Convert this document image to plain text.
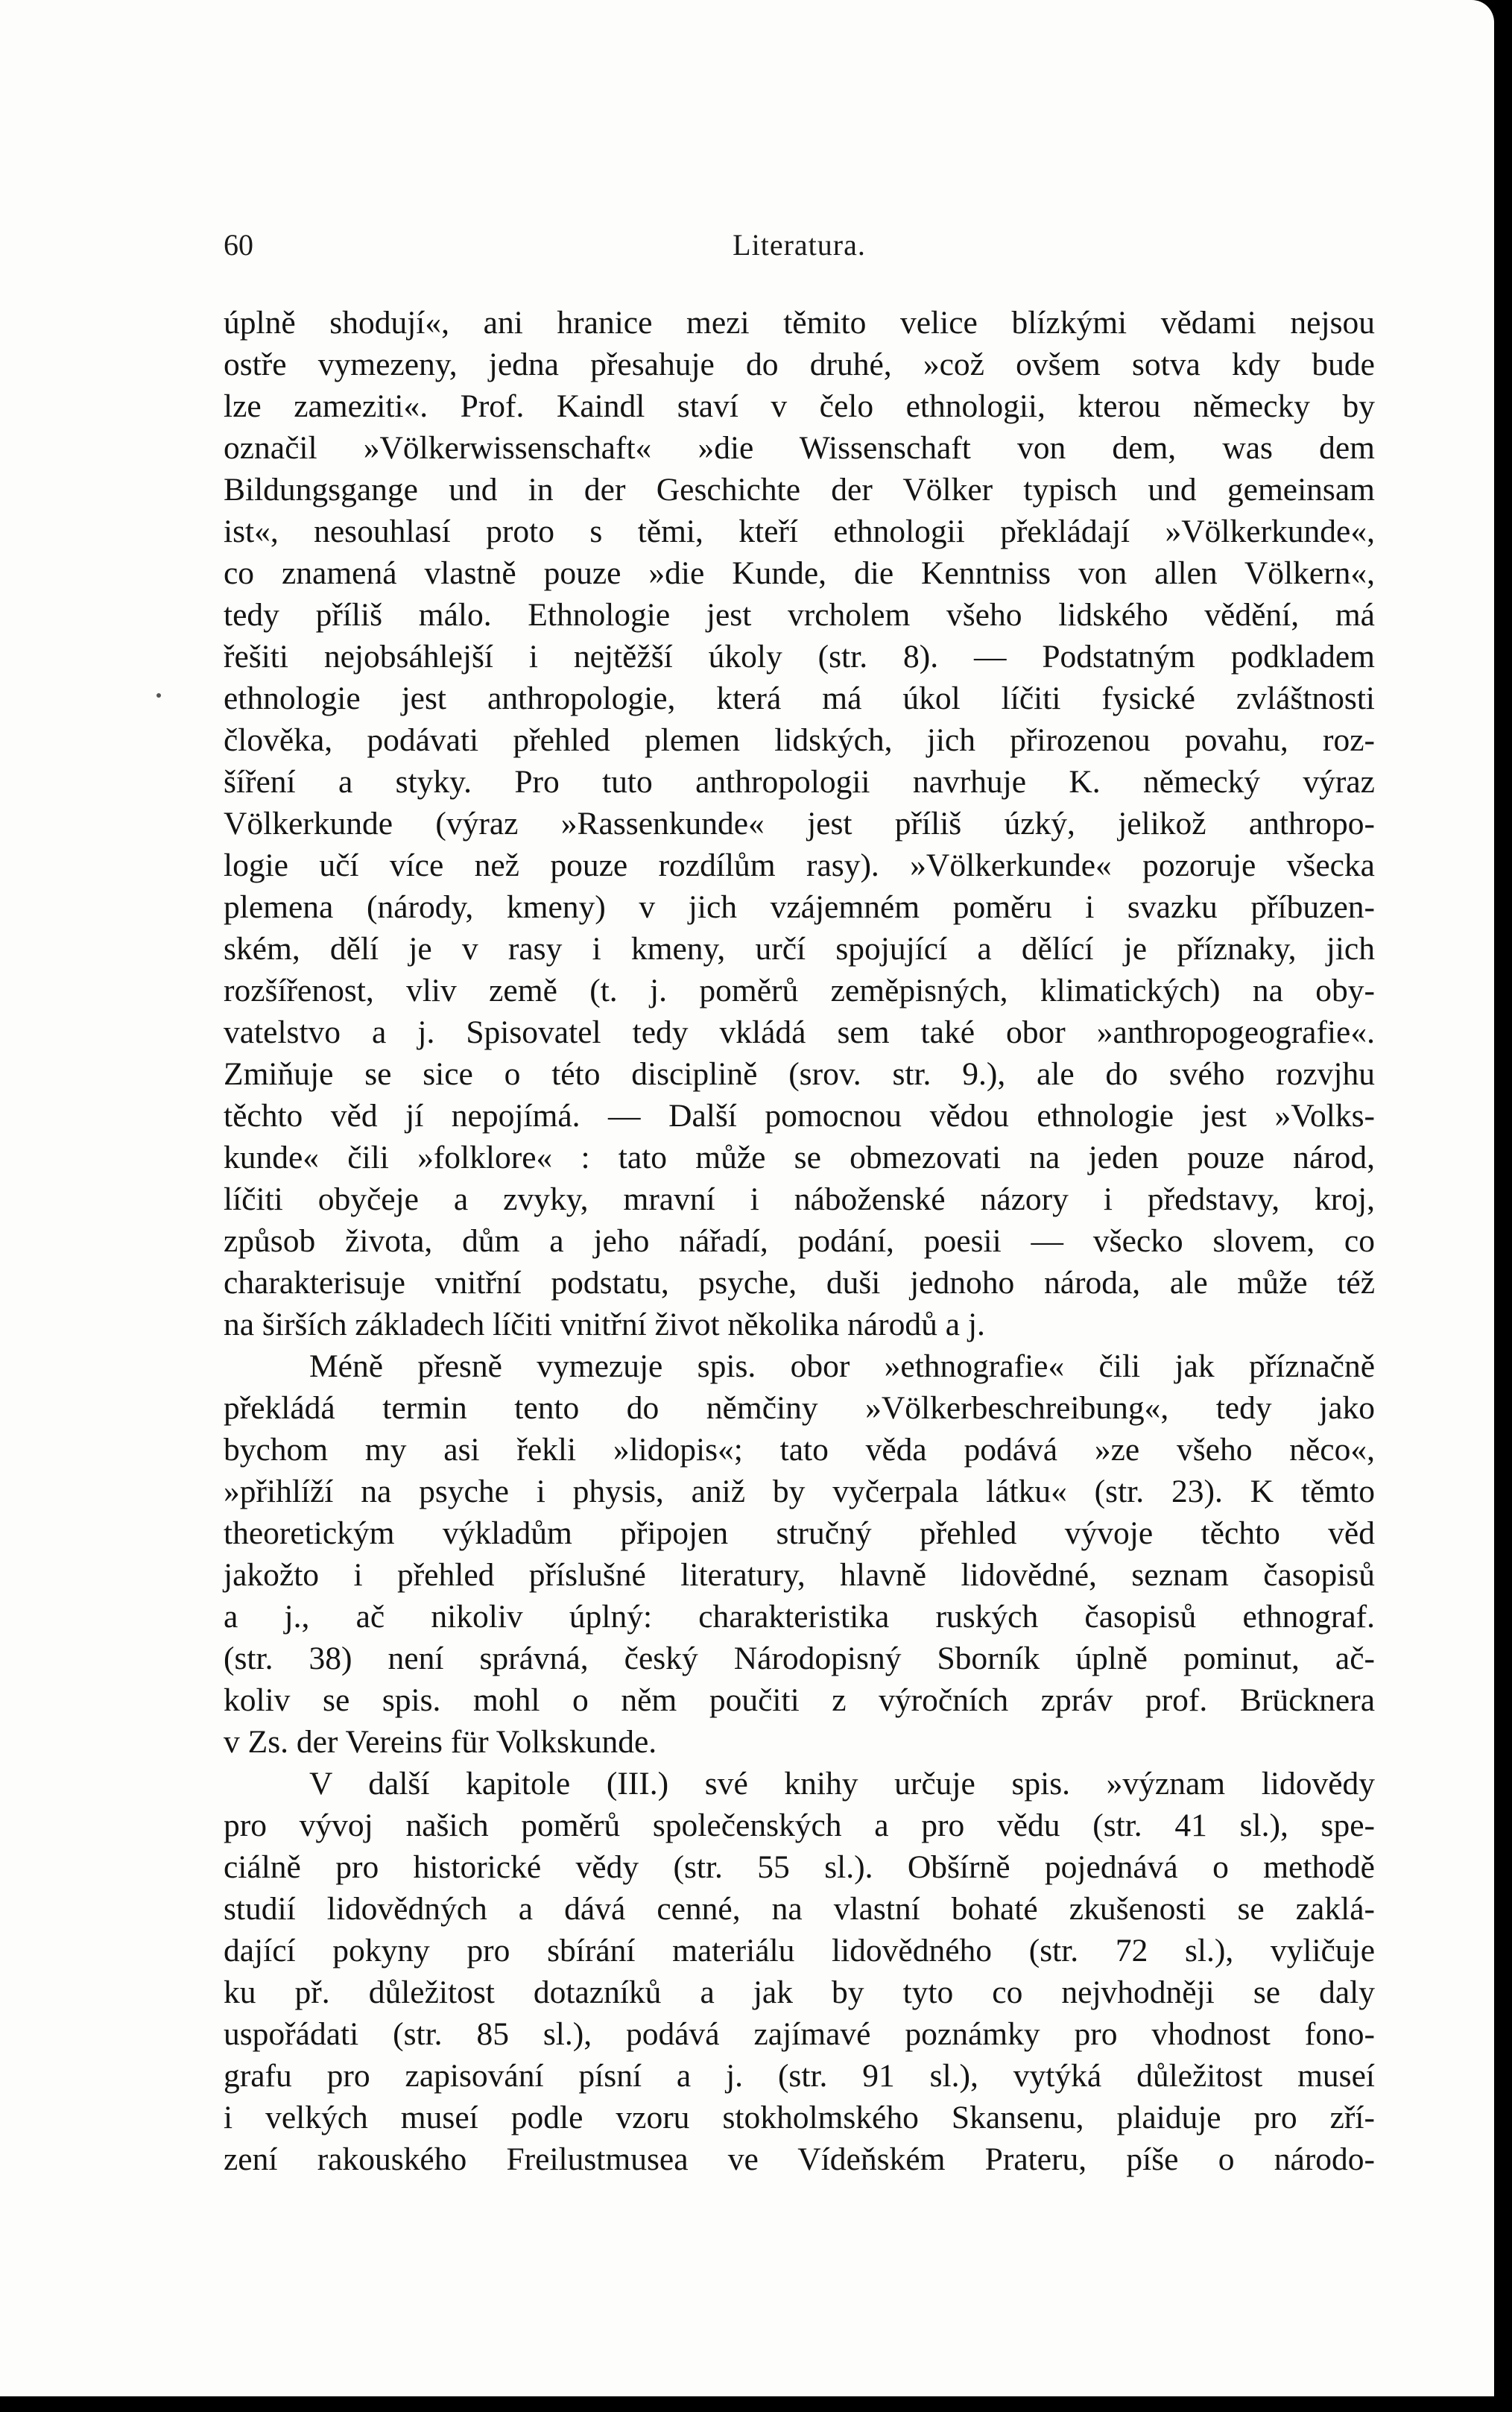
60	Literatura.
úplně shodují«, ani hranice mezi těmito velice blízkými vědami nejsou
ostře vymezeny, jedna přesahuje do druhé, »což ovšem sotva kdy bude
lze zameziti«. Prof. Kaindl staví v čelo ethnologii, kterou německy by
označil »Völkerwissenschaft« »die Wissenschaft von dem, was dem
Bildungsgange und in der Geschichte der Völker typisch und gemeinsam
ist«, nesouhlasí proto s těmi, kteří ethnologii překládají »Völkerkunde«,
co znamená vlastně pouze »die Kunde, die Kenntniss von allen Völkern«,
tedy příliš málo. Ethnologie jest vrcholem všeho lidského vědění, má
řešiti nejobsáhlejší i nejtěžší úkoly (str. 8). — Podstatným podkladem
ethnologie jest anthropologie, která má úkol líčiti fysické zvláštnosti
člověka, podávati přehled plemen lidských, jich přirozenou povahu, roz-
šíření a styky. Pro tuto anthropologii navrhuje K. německý výraz
Völkerkunde (výraz »Rassenkunde« jest příliš úzký, jelikož anthropo-
logie učí více než pouze rozdílům rasy). »Völkerkunde« pozoruje všecka
plemena (národy, kmeny) v jich vzájemném poměru i svazku příbuzen-
ském, dělí je v rasy i kmeny, určí spojující a dělící je příznaky, jich
rozšířenost, vliv země (t. j. poměrů zeměpisných, klimatických) na oby-
vatelstvo a j. Spisovatel tedy vkládá sem také obor »anthropogeografie«.
Zmiňuje se sice o této disciplině (srov. str. 9.), ale do svého rozvjhu
těchto věd jí nepojímá. — Další pomocnou vědou ethnologie jest »Volks-
kunde« čili »folklore« : tato může se obmezovati na jeden pouze národ,
líčiti obyčeje a zvyky, mravní i náboženské názory i představy, kroj,
způsob života, dům a jeho nářadí, podání, poesii — všecko slovem, co
charakterisuje vnitřní podstatu, psyche, duši jednoho národa, ale může též
na širších základech líčiti vnitřní život několika národů a j.
Méně přesně vymezuje spis. obor »ethnografie« čili jak příznačně
překládá termin tento do němčiny »Völkerbeschreibung«, tedy jako
bychom my asi řekli »lidopis«; tato věda podává »ze všeho něco«,
»přihlíží na psyche i physis, aniž by vyčerpala látku« (str. 23). K těmto
theoretickým výkladům připojen stručný přehled vývoje těchto věd
jakožto i přehled příslušné literatury, hlavně lidovědné, seznam časopisů
a j., ač nikoliv úplný: charakteristika ruských časopisů ethnograf.
(str. 38) není správná, český Národopisný Sborník úplně pominut, ač-
koliv se spis. mohl o něm poučiti z výročních zpráv prof. Brücknera
v Zs. der Vereins für Volkskunde.
V další kapitole (III.) své knihy určuje spis. »význam lidovědy
pro vývoj našich poměrů společenských a pro vědu (str. 41 sl.), spe-
ciálně pro historické vědy (str. 55 sl.). Obšírně pojednává o methodě
studií lidovědných a dává cenné, na vlastní bohaté zkušenosti se zaklá-
dající pokyny pro sbírání materiálu lidovědného (str. 72 sl.), vyličuje
ku př. důležitost dotazníků a jak by tyto co nejvhodněji se daly
uspořádati (str. 85 sl.), podává zajímavé poznámky pro vhodnost fono-
grafu pro zapisování písní a j. (str. 91 sl.), vytýká důležitost museí
i velkých museí podle vzoru stokholmského Skansenu, plaiduje pro zří-
zení rakouského Freilustmusea ve Vídeňském Prateru, píše o národo-
